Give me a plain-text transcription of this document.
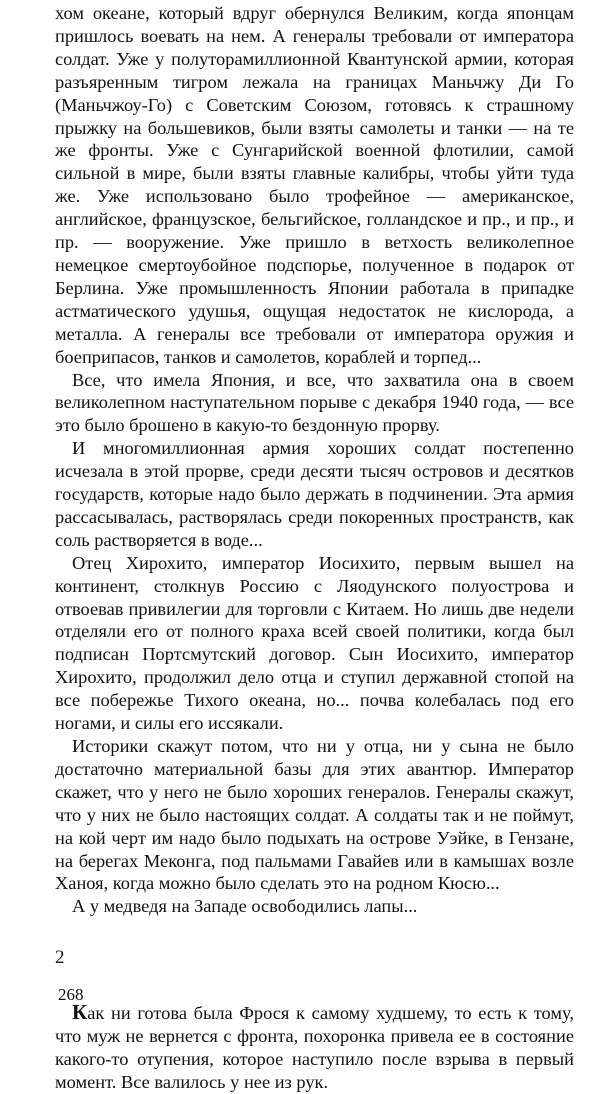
хом океане, который вдруг обернулся Великим, когда японцам пришлось воевать на нем. А генералы требовали от императора солдат. Уже у полуторамиллионной Квантунской армии, которая разъяренным тигром лежала на границах Маньчжу Ди Го (Маньчжоу-Го) с Советским Союзом, готовясь к страшному прыжку на большевиков, были взяты самолеты и танки — на те же фронты. Уже с Сунгарийской военной флотилии, самой сильной в мире, были взяты главные калибры, чтобы уйти туда же. Уже использовано было трофейное — американское, английское, французское, бельгийское, голландское и пр., и пр., и пр. — вооружение. Уже пришло в ветхость великолепное немецкое смертоубойное подспорье, полученное в подарок от Берлина. Уже промышленность Японии работала в припадке астматического удушья, ощущая недостаток не кислорода, а металла. А генералы все требовали от императора оружия и боеприпасов, танков и самолетов, кораблей и торпед...

Все, что имела Япония, и все, что захватила она в своем великолепном наступательном порыве с декабря 1940 года, — все это было брошено в какую-то бездонную прорву.

И многомиллионная армия хороших солдат постепенно исчезала в этой прорве, среди десяти тысяч островов и десятков государств, которые надо было держать в подчинении. Эта армия рассасывалась, растворялась среди покоренных пространств, как соль растворяется в воде...

Отец Хирохито, император Иосихито, первым вышел на континент, столкнув Россию с Ляодунского полуострова и отвоевав привилегии для торговли с Китаем. Но лишь две недели отделяли его от полного краха всей своей политики, когда был подписан Портсмутский договор. Сын Иосихито, император Хирохито, продолжил дело отца и ступил державной стопой на все побережье Тихого океана, но... почва колебалась под его ногами, и силы его иссякали.

Историки скажут потом, что ни у отца, ни у сына не было достаточно материальной базы для этих авантюр. Император скажет, что у него не было хороших генералов. Генералы скажут, что у них не было настоящих солдат. А солдаты так и не поймут, на кой черт им надо было подыхать на острове Уэйке, в Гензане, на берегах Меконга, под пальмами Гавайев или в камышах возле Ханоя, когда можно было сделать это на родном Кюсю...

А у медведя на Западе освободились лапы...

2

Как ни готова была Фрося к самому худшему, то есть к тому, что муж не вернется с фронта, похоронка привела ее в состояние какого-то отупения, которое наступило после взрыва в первый момент. Все валилось у нее из рук.

268
